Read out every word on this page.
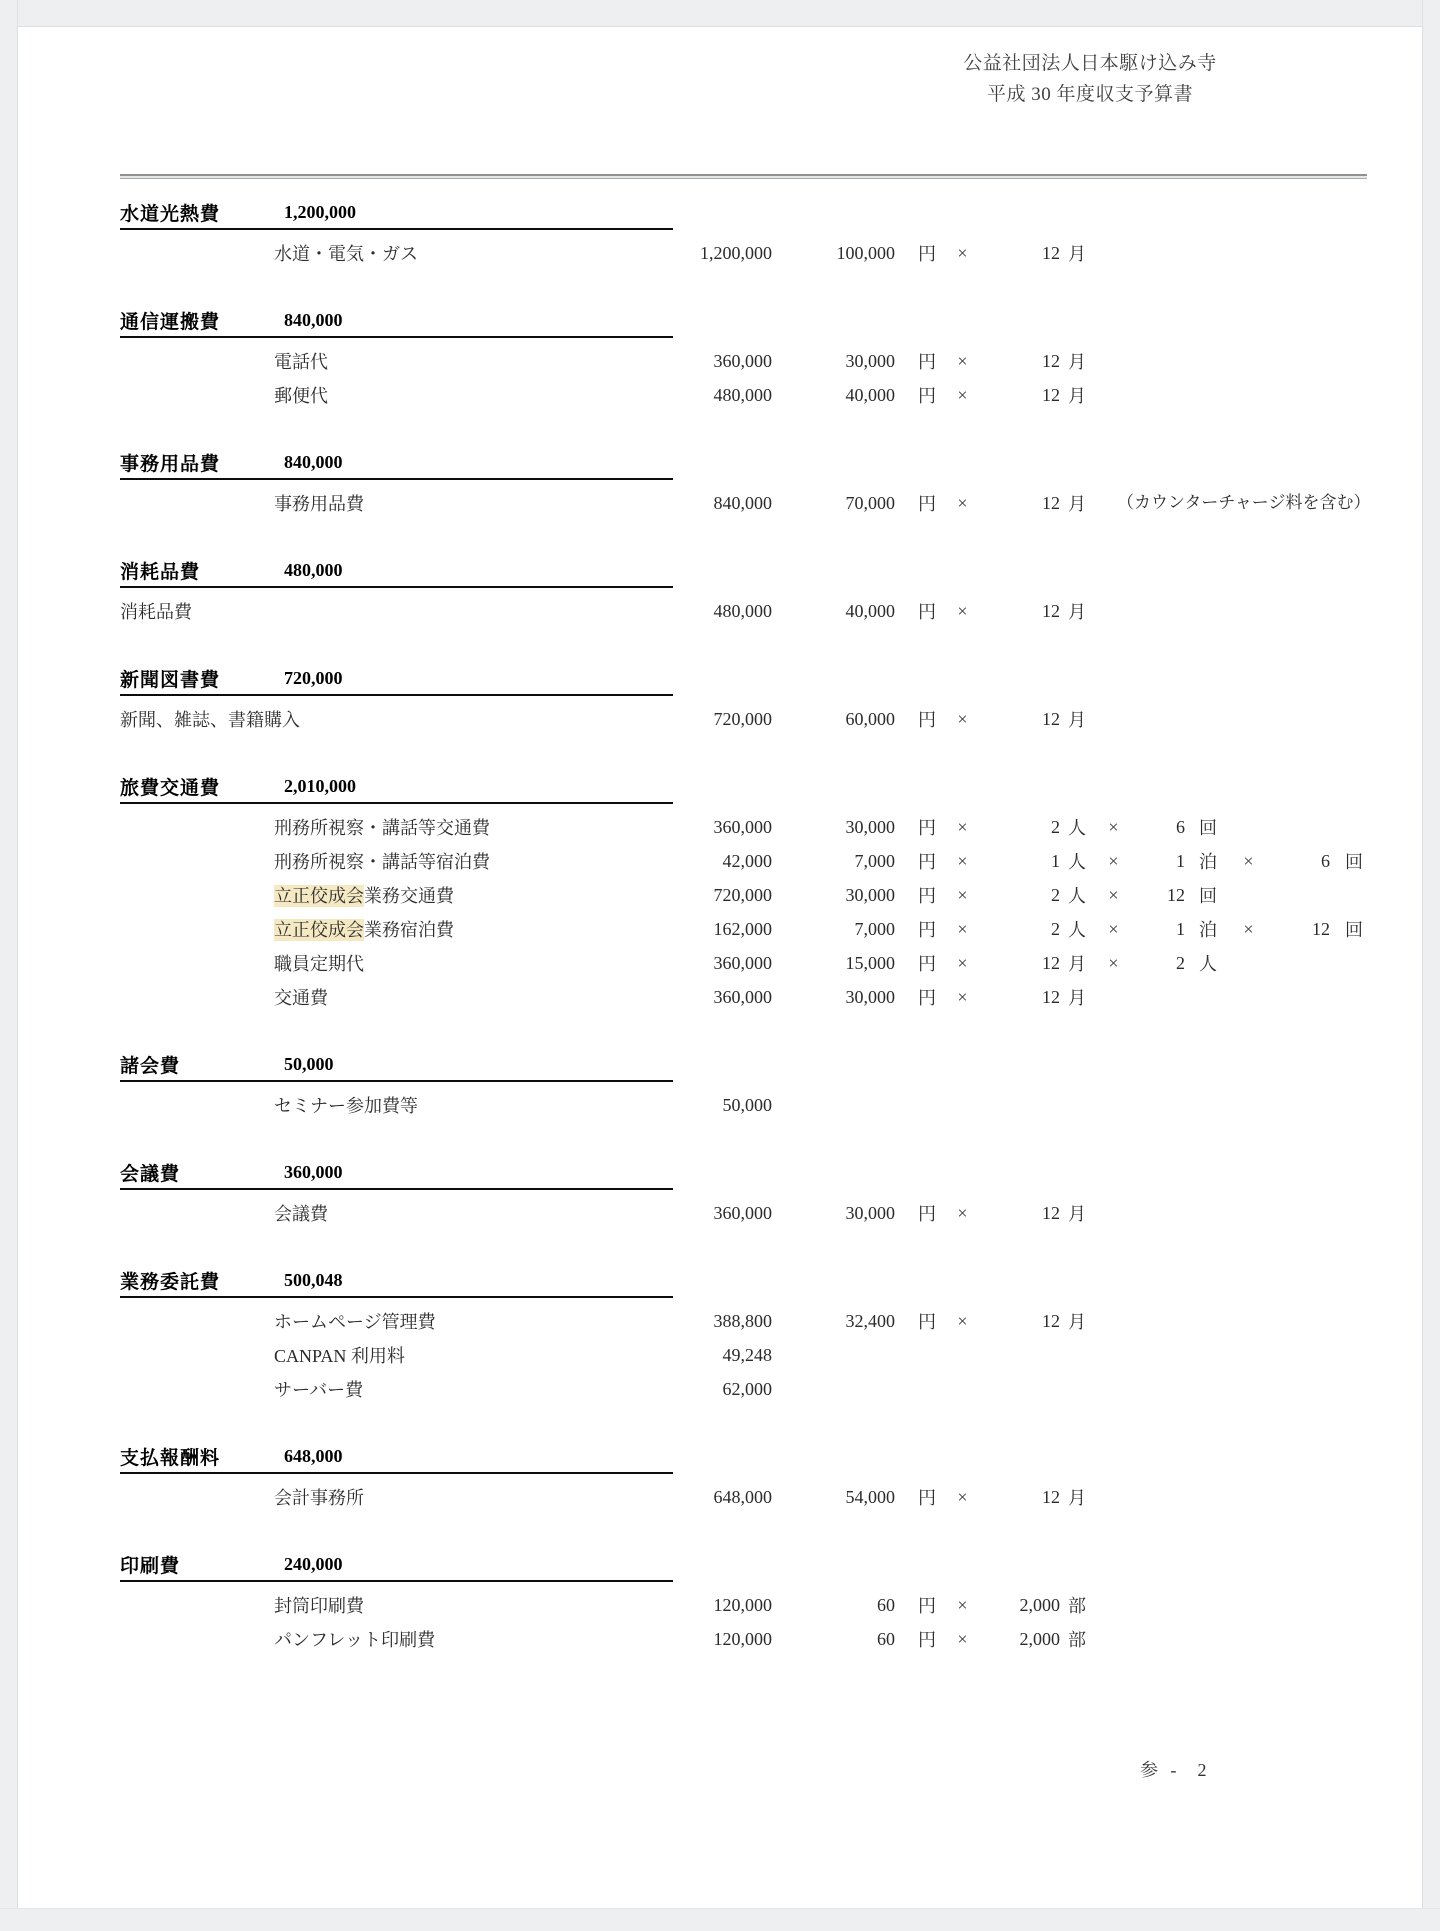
公益社団法人日本駆け込み寺
平成 30 年度収支予算書
水道光熱費	1,200,000
水道・電気・ガス	1,200,000	100,000	円	×	12 月
通信運搬費	840,000
電話代	360,000	30,000	円	×	12 月
郵便代	480,000	40,000	円	×	12 月
事務用品費	840,000
事務用品費	840,000	70,000	円	×	12 月	（カウンターチャージ料を含む）
消耗品費	480,000
消耗品費	480,000	40,000	円	×	12 月
新聞図書費	720,000
新聞、雑誌、書籍購入	720,000	60,000	円	×	12 月
旅費交通費	2,010,000
刑務所視察・講話等交通費	360,000	30,000	円	×	2 人	×	6 回
刑務所視察・講話等宿泊費	42,000	7,000	円	×	1 人	×	1 泊	×	6 回
立正佼成会業務交通費	720,000	30,000	円	×	2 人	×	12 回
立正佼成会業務宿泊費	162,000	7,000	円	×	2 人	×	1 泊	×	12 回
職員定期代	360,000	15,000	円	×	12 月	×	2 人
交通費	360,000	30,000	円	×	12 月
諸会費	50,000
セミナー参加費等	50,000
会議費	360,000
会議費	360,000	30,000	円	×	12 月
業務委託費	500,048
ホームページ管理費	388,800	32,400	円	×	12 月
CANPAN 利用料	49,248
サーバー費	62,000
支払報酬料	648,000
会計事務所	648,000	54,000	円	×	12 月
印刷費	240,000
封筒印刷費	120,000	60	円	×	2,000 部
パンフレット印刷費	120,000	60	円	×	2,000 部
参 -  2
